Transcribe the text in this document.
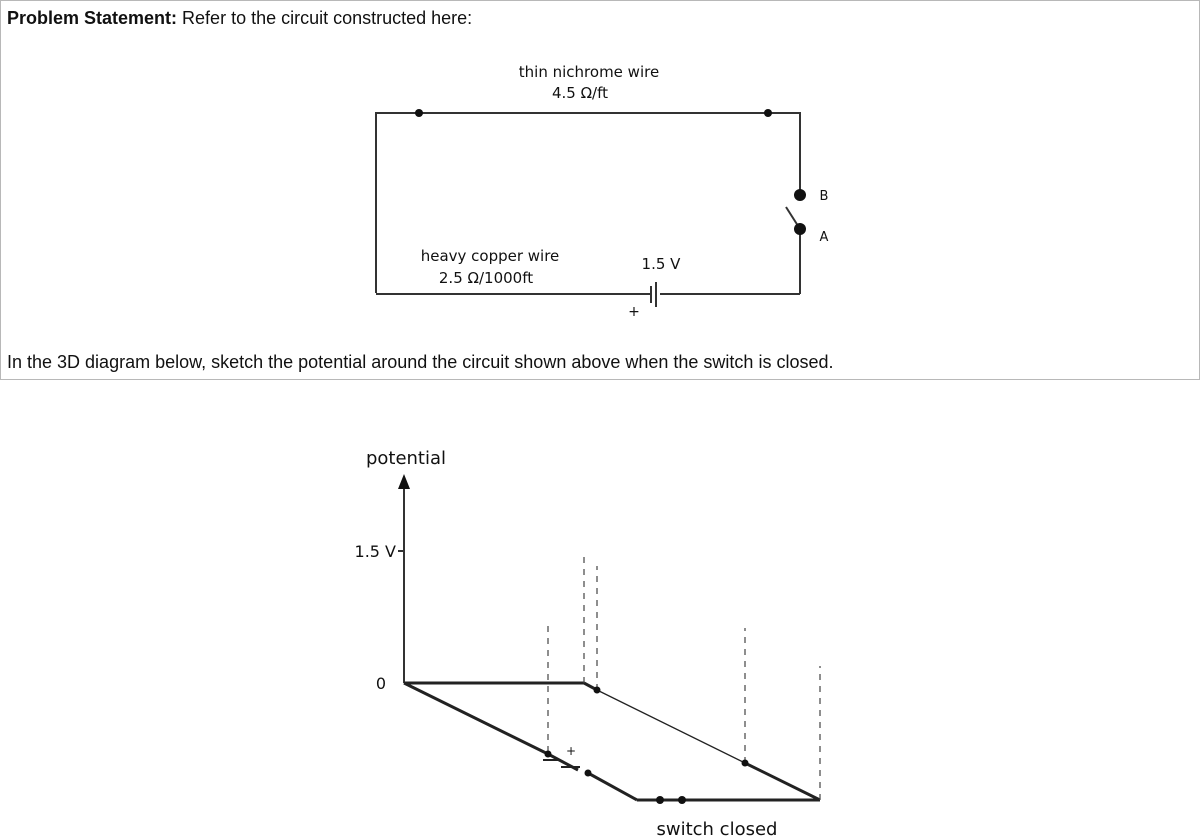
Problem Statement: Refer to the circuit constructed here:
In the 3D diagram below, sketch the potential around the circuit shown above when the switch is closed.
thin nichrome wire
4.5 Ω/ft
heavy copper wire
2.5 Ω/1000ft
1.5 V
+
B
A
potential
1.5 V
0
+
switch closed
